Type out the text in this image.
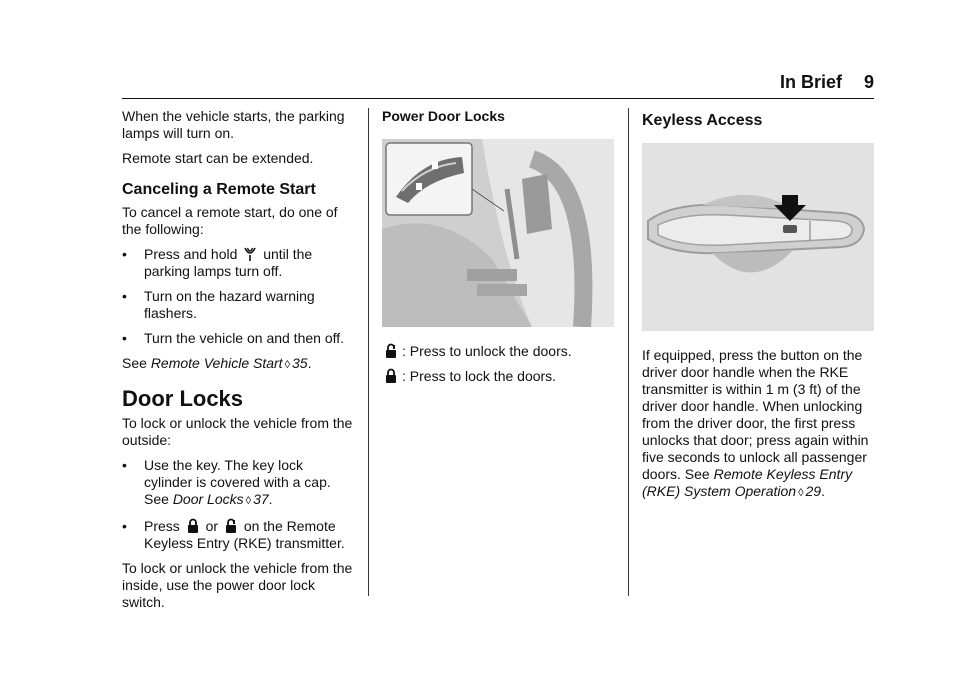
In Brief 9

When the vehicle starts, the parking lamps will turn on.

Remote start can be extended.

Canceling a Remote Start

To cancel a remote start, do one of the following:

• Press and hold until the parking lamps turn off.
• Turn on the hazard warning flashers.
• Turn the vehicle on and then off.

See Remote Vehicle Start ◊ 35.

Door Locks

To lock or unlock the vehicle from the outside:

• Use the key. The key lock cylinder is covered with a cap. See Door Locks ◊ 37.
• Press or on the Remote Keyless Entry (RKE) transmitter.

To lock or unlock the vehicle from the inside, use the power door lock switch.

Power Door Locks

: Press to unlock the doors.

: Press to lock the doors.

Keyless Access

If equipped, press the button on the driver door handle when the RKE transmitter is within 1 m (3 ft) of the driver door handle. When unlocking from the driver door, the first press unlocks that door; press again within five seconds to unlock all passenger doors. See Remote Keyless Entry (RKE) System Operation ◊ 29.
